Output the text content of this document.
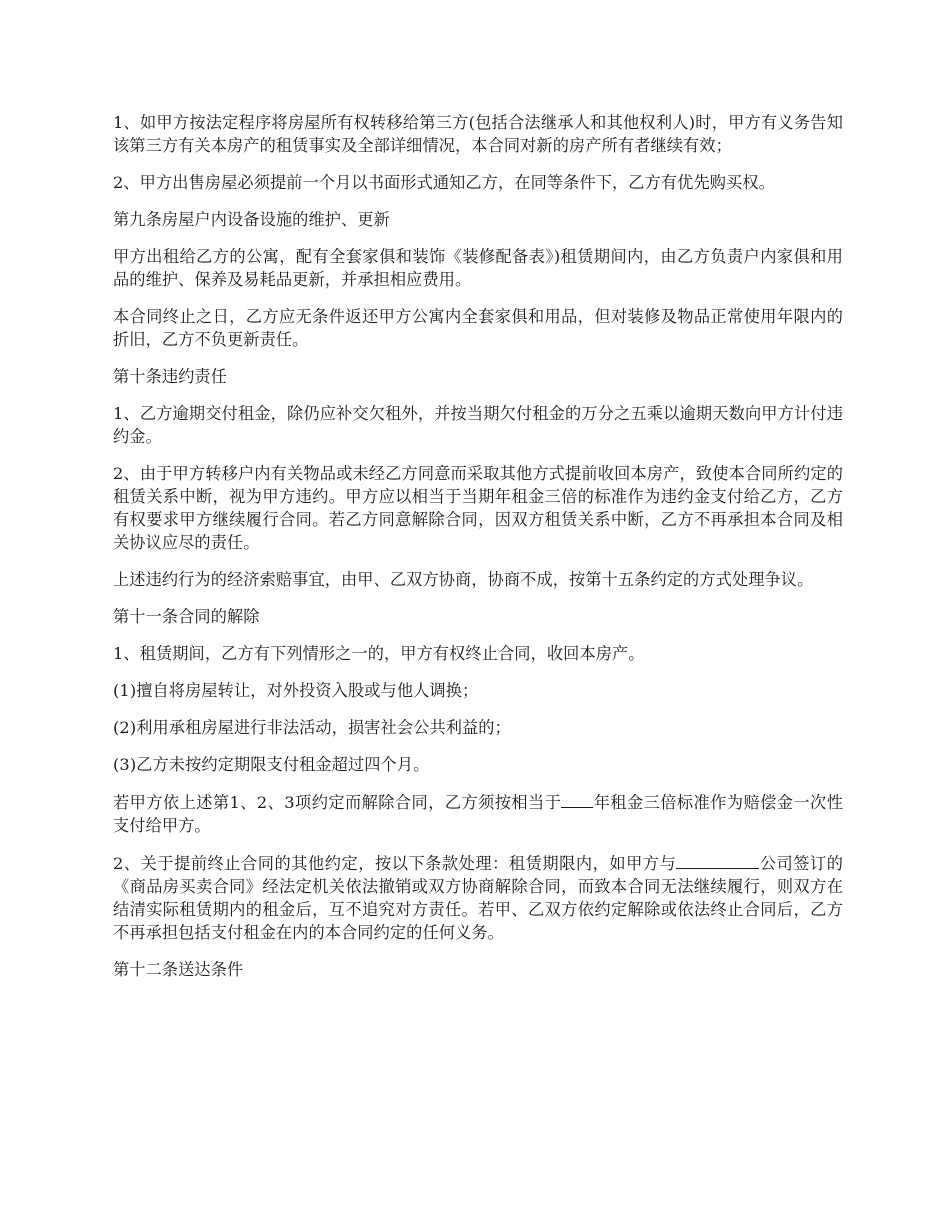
1、如甲方按法定程序将房屋所有权转移给第三方(包括合法继承人和其他权利人)时，甲方有义务告知该第三方有关本房产的租赁事实及全部详细情况，本合同对新的房产所有者继续有效；

2、甲方出售房屋必须提前一个月以书面形式通知乙方，在同等条件下，乙方有优先购买权。

第九条房屋户内设备设施的维护、更新

甲方出租给乙方的公寓，配有全套家俱和装饰《装修配备表》)租赁期间内，由乙方负责户内家俱和用品的维护、保养及易耗品更新，并承担相应费用。

本合同终止之日，乙方应无条件返还甲方公寓内全套家俱和用品，但对装修及物品正常使用年限内的折旧，乙方不负更新责任。

第十条违约责任

1、乙方逾期交付租金，除仍应补交欠租外，并按当期欠付租金的万分之五乘以逾期天数向甲方计付违约金。

2、由于甲方转移户内有关物品或未经乙方同意而采取其他方式提前收回本房产，致使本合同所约定的租赁关系中断，视为甲方违约。甲方应以相当于当期年租金三倍的标准作为违约金支付给乙方，乙方有权要求甲方继续履行合同。若乙方同意解除合同，因双方租赁关系中断，乙方不再承担本合同及相关协议应尽的责任。

上述违约行为的经济索赔事宜，由甲、乙双方协商，协商不成，按第十五条约定的方式处理争议。

第十一条合同的解除

1、租赁期间，乙方有下列情形之一的，甲方有权终止合同，收回本房产。

(1)擅自将房屋转让，对外投资入股或与他人调换；

(2)利用承租房屋进行非法活动，损害社会公共利益的；

(3)乙方未按约定期限支付租金超过四个月。

若甲方依上述第1、2、3项约定而解除合同，乙方须按相当于 年租金三倍标准作为赔偿金一次性支付给甲方。

2、关于提前终止合同的其他约定，按以下条款处理：租赁期限内，如甲方与	公司签订的《商品房买卖合同》经法定机关依法撤销或双方协商解除合同，而致本合同无法继续履行，则双方在结清实际租赁期内的租金后，互不追究对方责任。若甲、乙双方依约定解除或依法终止合同后，乙方不再承担包括支付租金在内的本合同约定的任何义务。

第十二条送达条件
